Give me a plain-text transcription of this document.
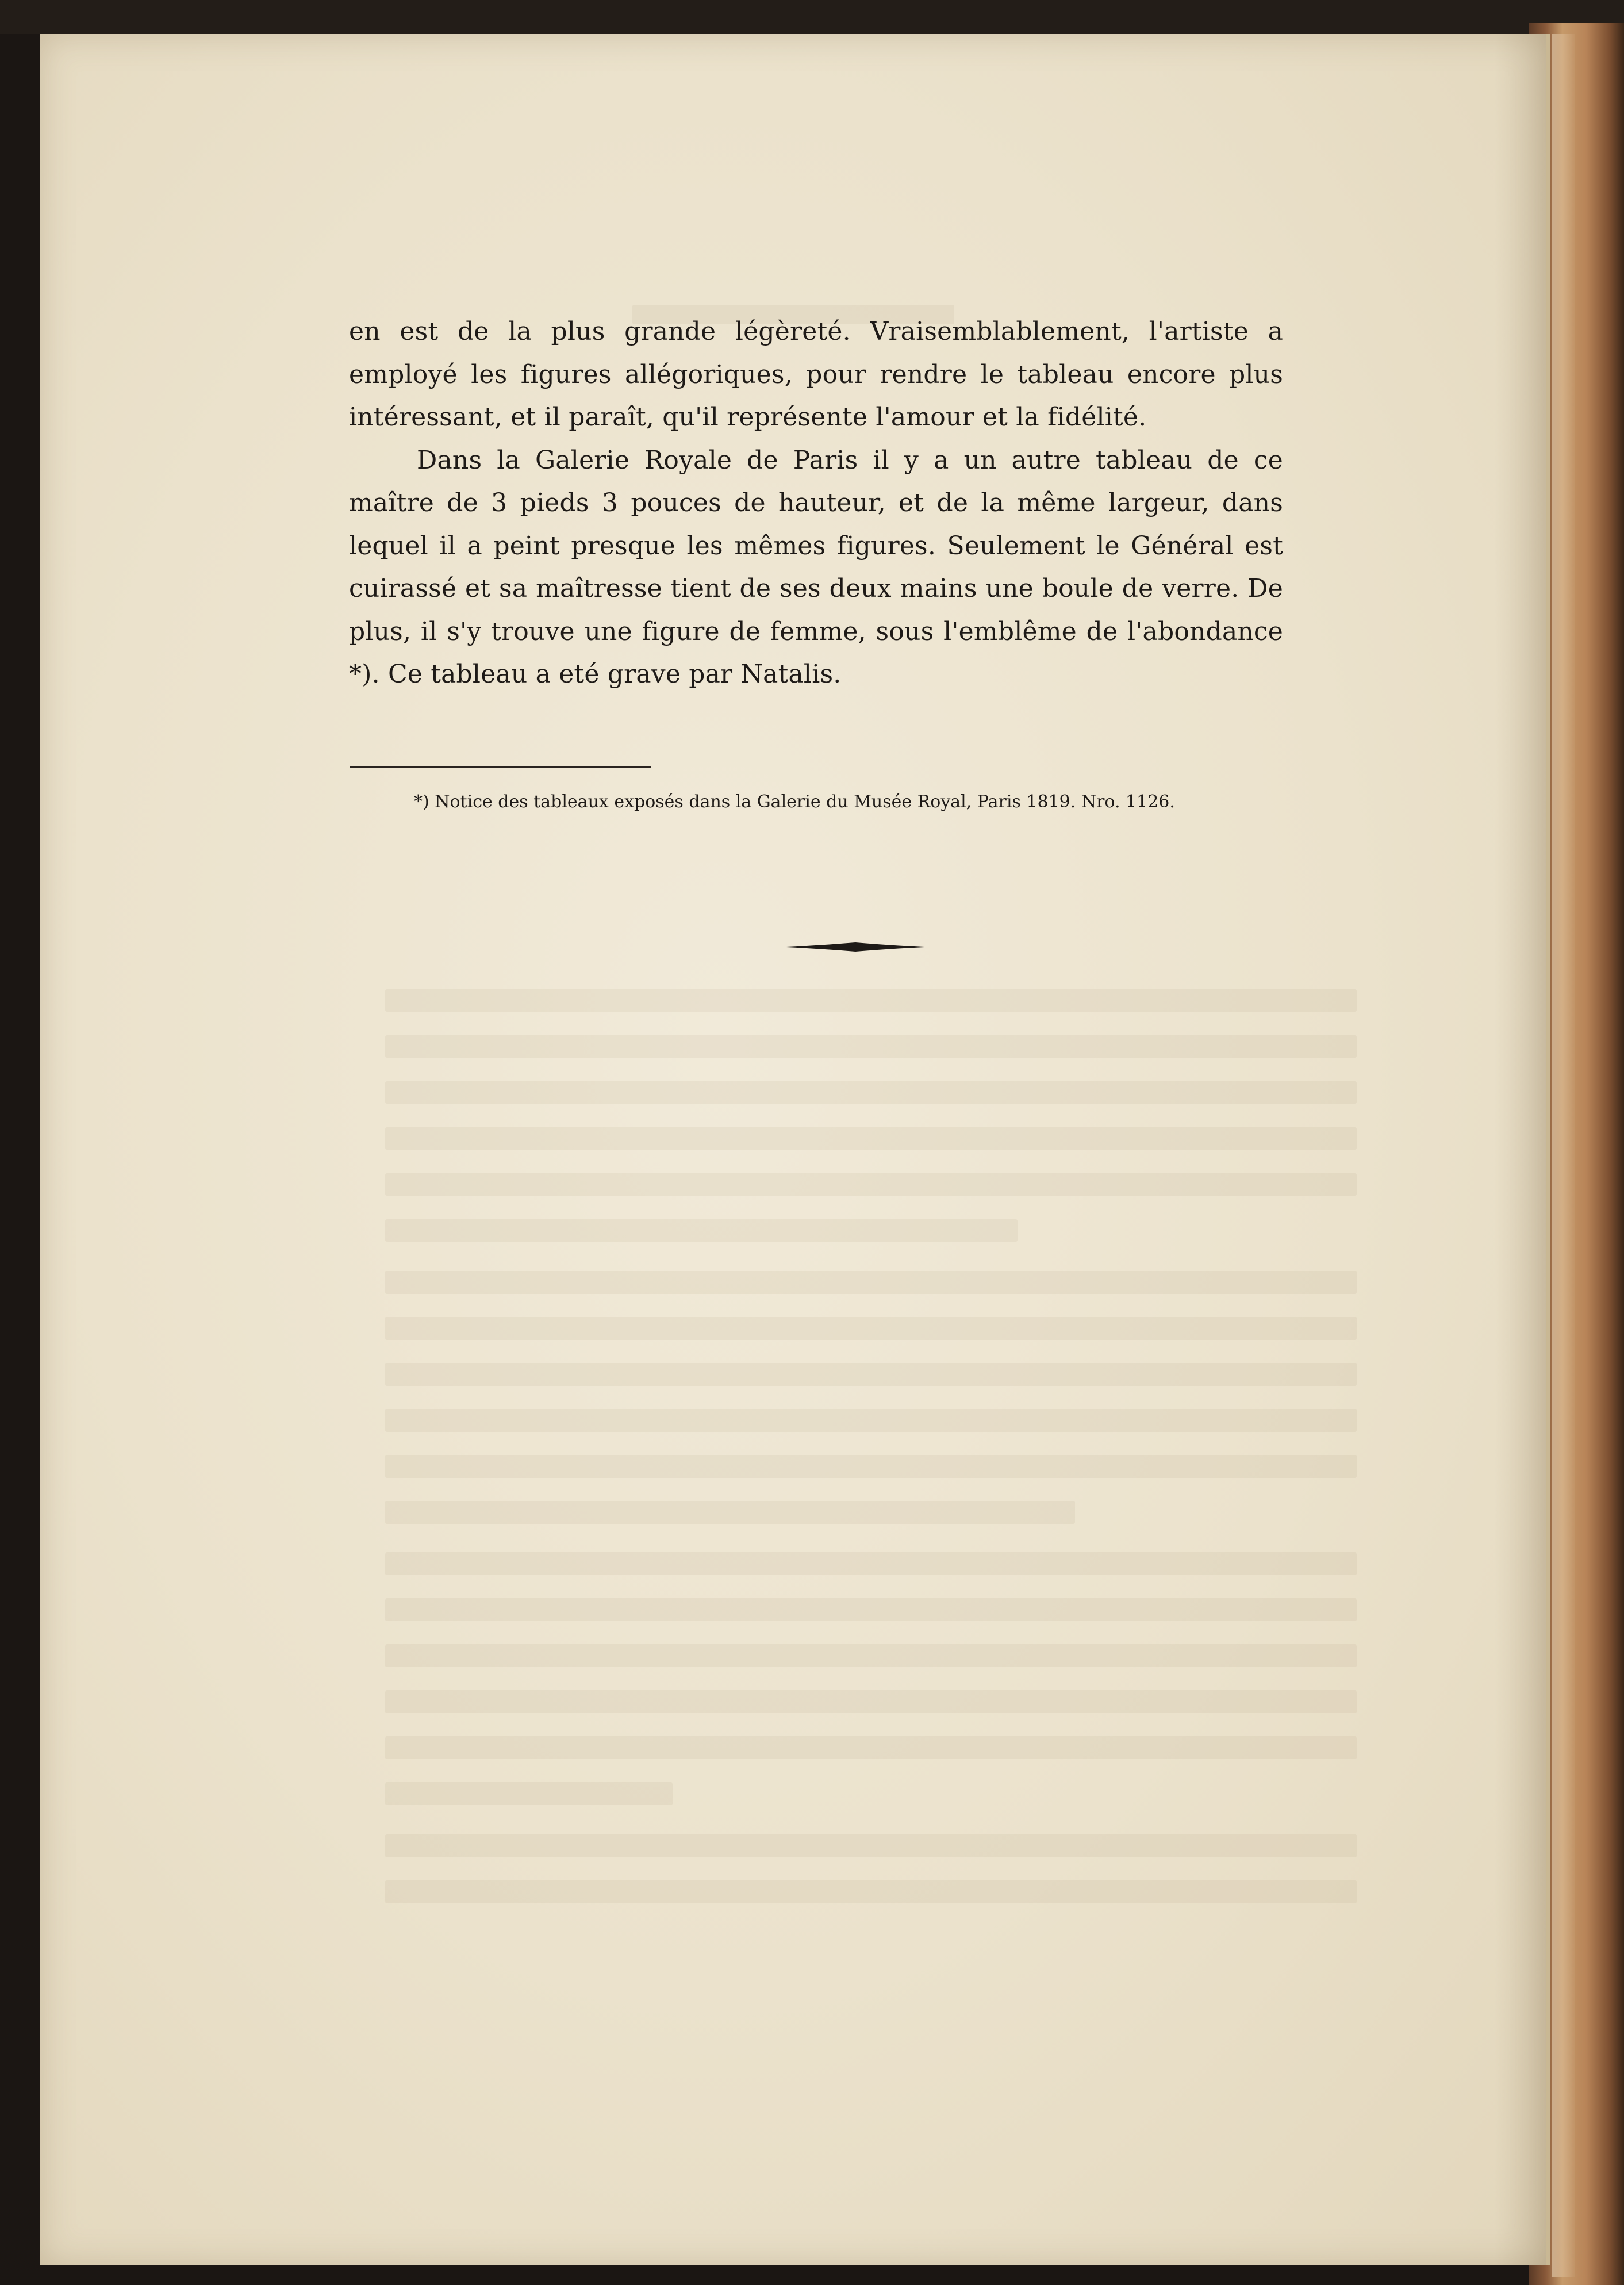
en est de la plus grande légèreté. Vraisemblablement, l'artiste a employé les figures allégoriques, pour rendre le tableau encore plus intéressant, et il paraît, qu'il représente l'amour et la fidélité.

Dans la Galerie Royale de Paris il y a un autre tableau de ce maître de 3 pieds 3 pouces de hauteur, et de la même largeur, dans lequel il a peint presque les mêmes figures. Seulement le Général est cuirassé et sa maîtresse tient de ses deux mains une boule de verre. De plus, il s'y trouve une figure de femme, sous l'emblême de l'abondance *). Ce tableau a eté grave par Natalis.

*) Notice des tableaux exposés dans la Galerie du Musée Royal, Paris 1819. Nro. 1126.
